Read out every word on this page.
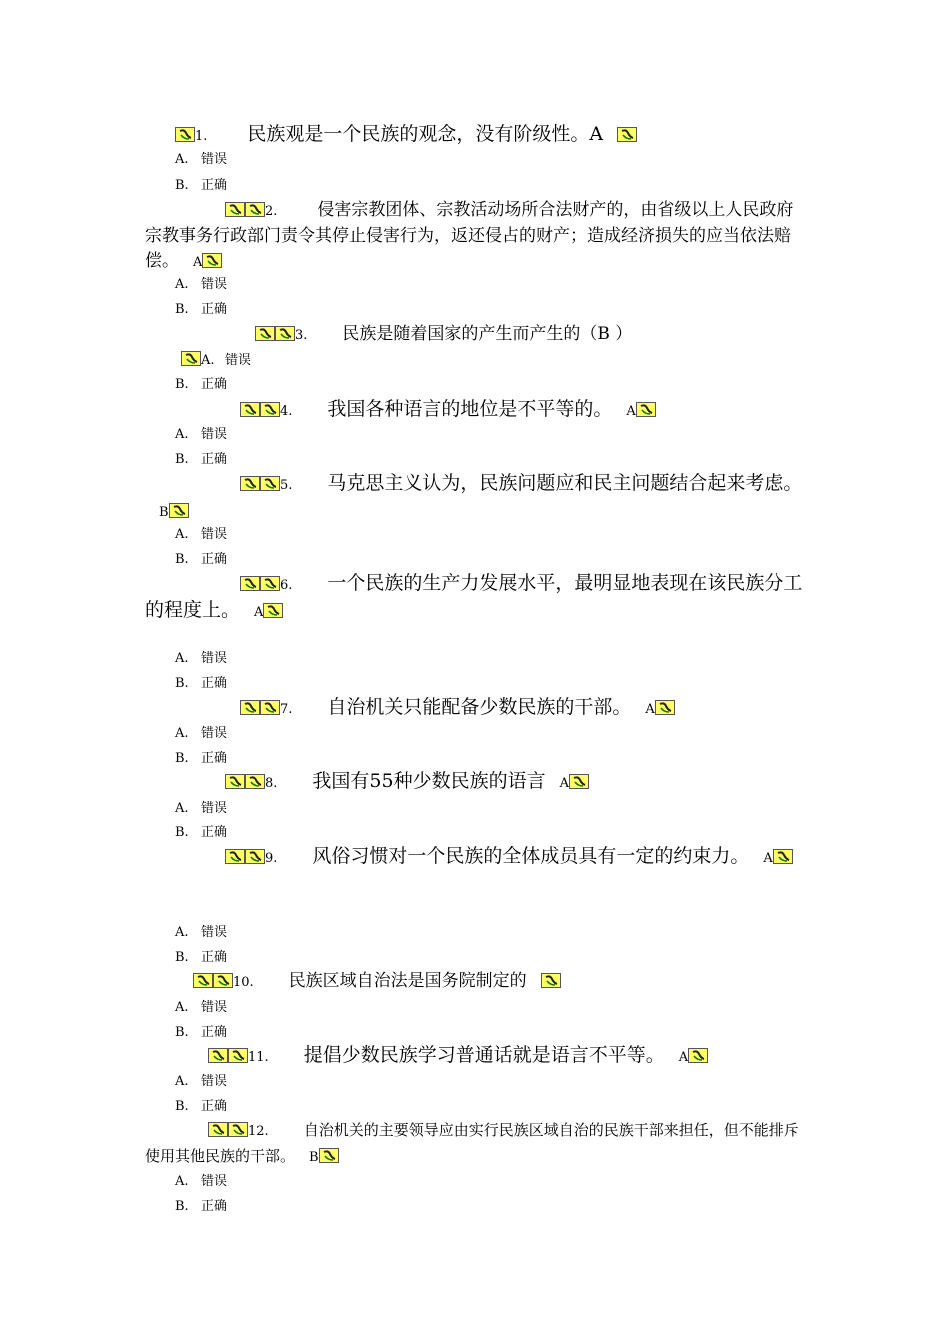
1. 民族观是一个民族的观念，没有阶级性。A
A. 错误
B. 正确
2. 侵害宗教团体、宗教活动场所合法财产的，由省级以上人民政府宗教事务行政部门责令其停止侵害行为，返还侵占的财产；造成经济损失的应当依法赔偿。 A
A. 错误
B. 正确
3. 民族是随着国家的产生而产生的（B ）
A. 错误
B. 正确
4. 我国各种语言的地位是不平等的。 A
A. 错误
B. 正确
5. 马克思主义认为，民族问题应和民主问题结合起来考虑。B
A. 错误
B. 正确
6. 一个民族的生产力发展水平，最明显地表现在该民族分工的程度上。 A
A. 错误
B. 正确
7. 自治机关只能配备少数民族的干部。 A
A. 错误
B. 正确
8. 我国有55种少数民族的语言 A
A. 错误
B. 正确
9. 风俗习惯对一个民族的全体成员具有一定的约束力。 A
A. 错误
B. 正确
10. 民族区域自治法是国务院制定的
A. 错误
B. 正确
11. 提倡少数民族学习普通话就是语言不平等。 A
A. 错误
B. 正确
12. 自治机关的主要领导应由实行民族区域自治的民族干部来担任，但不能排斥使用其他民族的干部。 B
A. 错误
B. 正确
